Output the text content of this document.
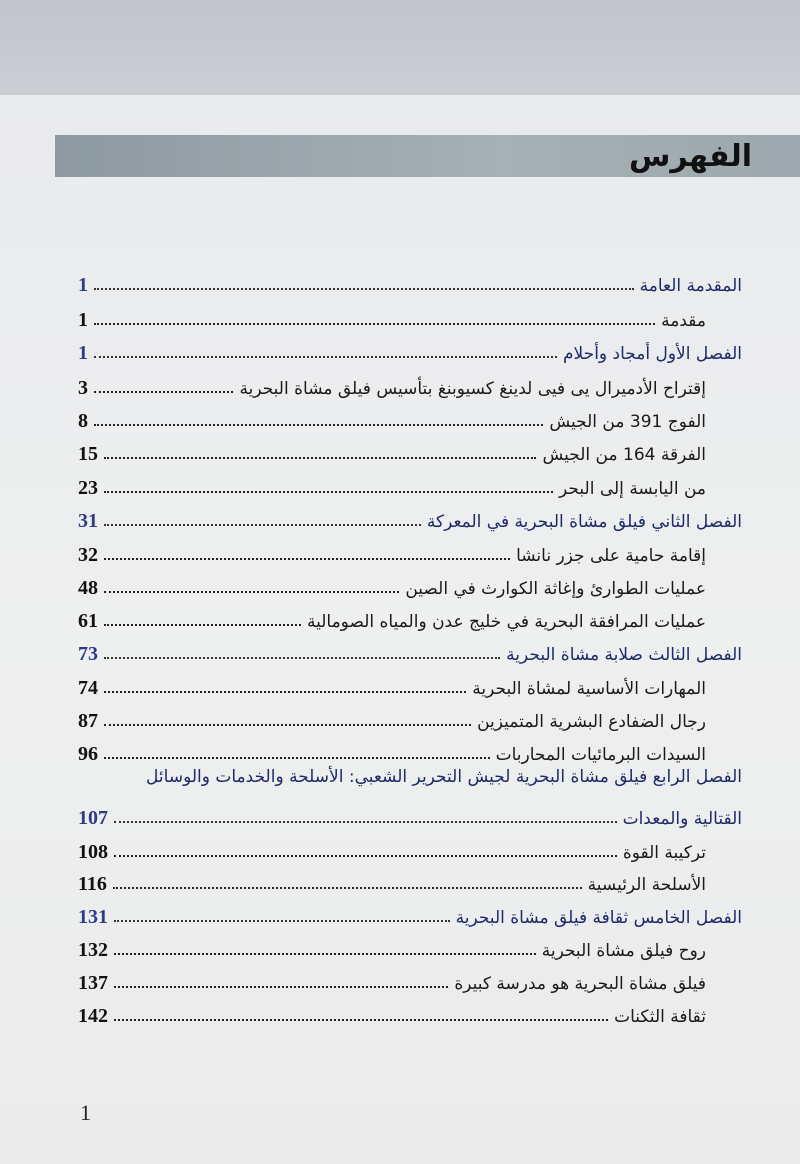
الفهرس
المقدمة العامة
1
مقدمة
1
الفصل الأول أمجاد وأحلام
1
إقتراح الأدميرال يى فيى لدينغ كسيوبنغ بتأسيس فيلق مشاة البحرية
3
الفوج 391 من الجيش
8
الفرقة 164 من الجيش
15
من اليابسة إلى البحر
23
الفصل الثاني فيلق مشاة البحرية في المعركة
31
إقامة حامية على جزر نانشا
32
عمليات الطوارئ وإغاثة الكوارث في الصين
48
عمليات المرافقة البحرية في خليج عدن والمياه الصومالية
61
الفصل الثالث صلابة مشاة البحرية
73
المهارات الأساسية لمشاة البحرية
74
رجال الضفادع البشرية المتميزين
87
السيدات البرمائيات المحاربات
96
الفصل الرابع فيلق مشاة البحرية لجيش التحرير الشعبي: الأسلحة والخدمات والوسائل
القتالية والمعدات
107
تركيبة القوة
108
الأسلحة الرئيسية
116
الفصل الخامس ثقافة فيلق مشاة البحرية
131
روح فيلق مشاة البحرية
132
فيلق مشاة البحرية هو مدرسة كبيرة
137
ثقافة الثكنات
142
1
